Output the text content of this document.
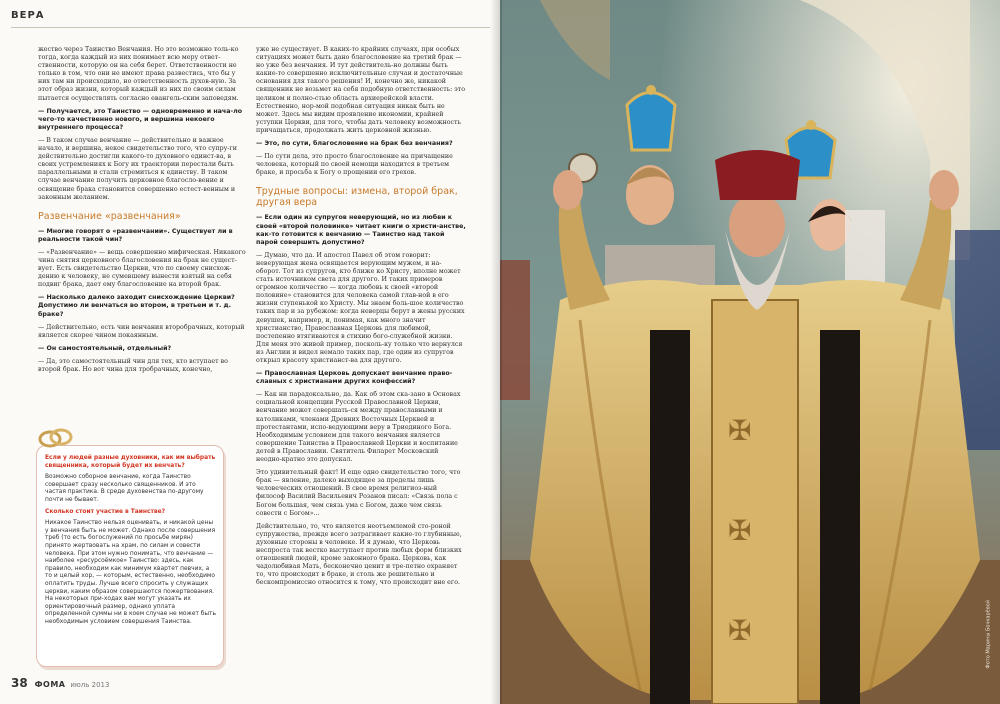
ВЕРА

жество через Таинство Венчания. Но это возможно толь-ко тогда, когда каждый из них понимает всю меру ответ-ственности, которую он на себя берет. Ответственности не только в том, что они не имеют права развестись, что бы у них там ни происходило, но ответственность духов-ную. За этот образ жизни, который каждый из них по своим силам пытается осуществлять согласно евангель-ским заповедям.

— Получается, это Таинство — одновременно и нача-ло чего-то качественно нового, и вершина некоего внутреннего процесса?

— В таком случае венчание — действительно и важное начало, и вершина, некое свидетельство того, что супру-ги действительно достигли какого-то духовного единст-ва, в своих устремлениях к Богу их траектории перестали быть параллельными и стали стремиться к единству. В таком случае венчание получить церковное благосло-вение и освящение брака становится совершенно естест-венным и законным желанием.

Развенчание «развенчания»

— Многие говорят о «развенчании». Существует ли в реальности такой чин?

— «Развенчание» — вещь совершенно мифическая. Никакого чина снятия церковного благословения на брак не сущест-вует. Есть свидетельство Церкви, что по своему сниcхож-дению к человеку, не сумевшему вынести взятый на себя подвиг брака, дает ему благословение на второй брак.

— Насколько далеко заходит снисхождение Церкви? Допустимо ли венчаться во втором, в третьем и т. д. браке?

— Действительно, есть чин венчания второбрачных, который является скорее чином покаянным.

— Он самостоятельный, отдельный?

— Да, это самостоятельный чин для тех, кто вступает во второй брак. Но вот чина для тробрачных, конечно,

уже не существует. В каких-то крайних случаях, при особых ситуациях может быть дано благословение на третий брак — но уже без венчания. И тут действитель-но должны быть какие-то совершенно исключительные случаи и достаточные основания для такого решения! И, конечно же, никакой священник не возьмет на себя подобную ответственность: это целиком и полно-стью область архиерейской власти. Естественно, нор-мой подобная ситуация никак быть не может. Здесь мы видим проявление икономии, крайней уступки Церкви, для того, чтобы дать человеку возможность причащаться, продолжать жить церковной жизнью.

— Это, по сути, благословение на брак без венчания?

— По сути дела, это просто благословение на причащение человека, который по своей немощи находится в третьем браке, и просьба к Богу о прощении его грехов.

Трудные вопросы: измена, второй брак, другая вера

— Если один из супругов неверующий, но из любви к своей «второй половинке» читает книги о христи-анстве, как-то готовится к венчанию — Таинство над такой парой совершить допустимо?

— Думаю, что да. И апостол Павел об этом говорит: неверующая жена освящается верующим мужем, и на-оборот. Тот из супругов, кто ближе ко Христу, вполне может стать источником света для другого. И таких примеров огромное количество — когда любовь к своей «второй половине» становится для человека самой глав-ной в его жизни ступенькой ко Христу. Мы знаем боль-шое количество таких пар и за рубежом: когда неверцы берут в жены русских девушек, например, и, понимая, как много значит христианство, Православная Церковь для любимой, постепенно втягиваются в стихию бого-служебной жизни. Для меня это живой пример, посколь-ку только что вернулся из Англии и видел немало таких пар, где один из супругов открыл красоту христианст-ва для другого.

— Православная Церковь допускает венчание право-славных с христианами других конфессий?

— Как ни парадоксально, да. Как об этом ска-зано в Основах социальной концепции Русской Православной Церкви, венчание может совершать-ся между православными и католиками, членами Древних Восточных Церквей и протестантами, испо-ведующими веру в Триединого Бога. Необходимым условием для такого венчания является совершение Таинства в Православной Церкви и воспитание детей в Православии. Святитель Филарет Московский неодно-кратно это допускал.

Это удивительный факт! И еще одно свидетельство того, что брак — явление, далеко выходящее за пределы лишь человеческих отношений. В свое время религиоз-ный философ Василий Васильевич Розанов писал: «Связь пола с Богом большая, чем связь ума с Богом, даже чем связь совести с Богом»...

Действительно, то, что является неотъемлемой сто-роной супружества, прежде всего затрагивает какие-то глубинные, духовные стороны в человеке. И я думаю, что Церковь неспроста так вестко выступает против любых форм близких отношений людей, кроме законного брака. Церковь, как чадолюбивая Мать, бесконечно ценит и тре-петно охраняет то, что происходит в браке, и столь же решительно и бескомпромиссно относится к тому, что происходит вне его.

Если у людей разные духовники, как им выбрать священника, который будет их венчать?

Возможно соборное венчание, когда Таинство совершает сразу несколько священников. И это частая практика. В среде духовенства по-другому почти не бывает.

Сколько стоит участие в Таинстве?

Никакое Таинство нельзя оценивать, и никакой цены у венчания быть не может. Однако после совершения треб (то есть богослужений по просьбе мирян) принято жертвовать на храм, по силам и совести человека. При этом нужно понимать, что венчание — наиболее «ресурсоёмкое» Таинство: здесь, как правило, необходим как минимум квартет певчих, а то и целый хор, — которым, естественно, необходимо оплатить труды. Лучше всего спросить у служащих церкви, каким образом совершаются пожертвования. На некоторых при-ходах вам могут указать их ориентировочный размер, однако уплата определенной суммы ни в коем случае не может быть необходимым условием совершения Таинства.

38 ФОМА июль 2013
✠
✠
✠	Фото Марины Бочкарёвой
